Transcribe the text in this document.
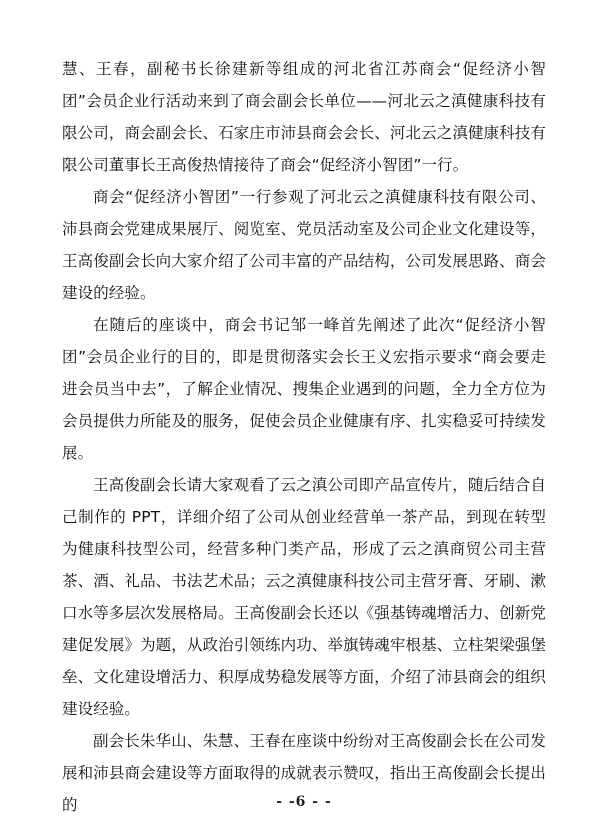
慧、王春，副秘书长徐建新等组成的河北省江苏商会“促经济小智团”会员企业行活动来到了商会副会长单位——河北云之滇健康科技有限公司，商会副会长、石家庄市沛县商会会长、河北云之滇健康科技有限公司董事长王高俊热情接待了商会“促经济小智团”一行。

商会“促经济小智团”一行参观了河北云之滇健康科技有限公司、沛县商会党建成果展厅、阅览室、党员活动室及公司企业文化建设等，王高俊副会长向大家介绍了公司丰富的产品结构，公司发展思路、商会建设的经验。

在随后的座谈中，商会书记邹一峰首先阐述了此次“促经济小智团”会员企业行的目的，即是贯彻落实会长王义宏指示要求“商会要走进会员当中去”，了解企业情况、搜集企业遇到的问题，全力全方位为会员提供力所能及的服务，促使会员企业健康有序、扎实稳妥可持续发展。

王高俊副会长请大家观看了云之滇公司即产品宣传片，随后结合自己制作的 PPT，详细介绍了公司从创业经营单一茶产品，到现在转型为健康科技型公司，经营多种门类产品，形成了云之滇商贸公司主营茶、酒、礼品、书法艺术品；云之滇健康科技公司主营牙膏、牙刷、漱口水等多层次发展格局。王高俊副会长还以《强基铸魂增活力、创新党建促发展》为题，从政治引领练内功、举旗铸魂牢根基、立柱架梁强堡垒、文化建设增活力、积厚成势稳发展等方面，介绍了沛县商会的组织建设经验。

副会长朱华山、朱慧、王春在座谈中纷纷对王高俊副会长在公司发展和沛县商会建设等方面取得的成就表示赞叹，指出王高俊副会长提出的	- -6 - -
